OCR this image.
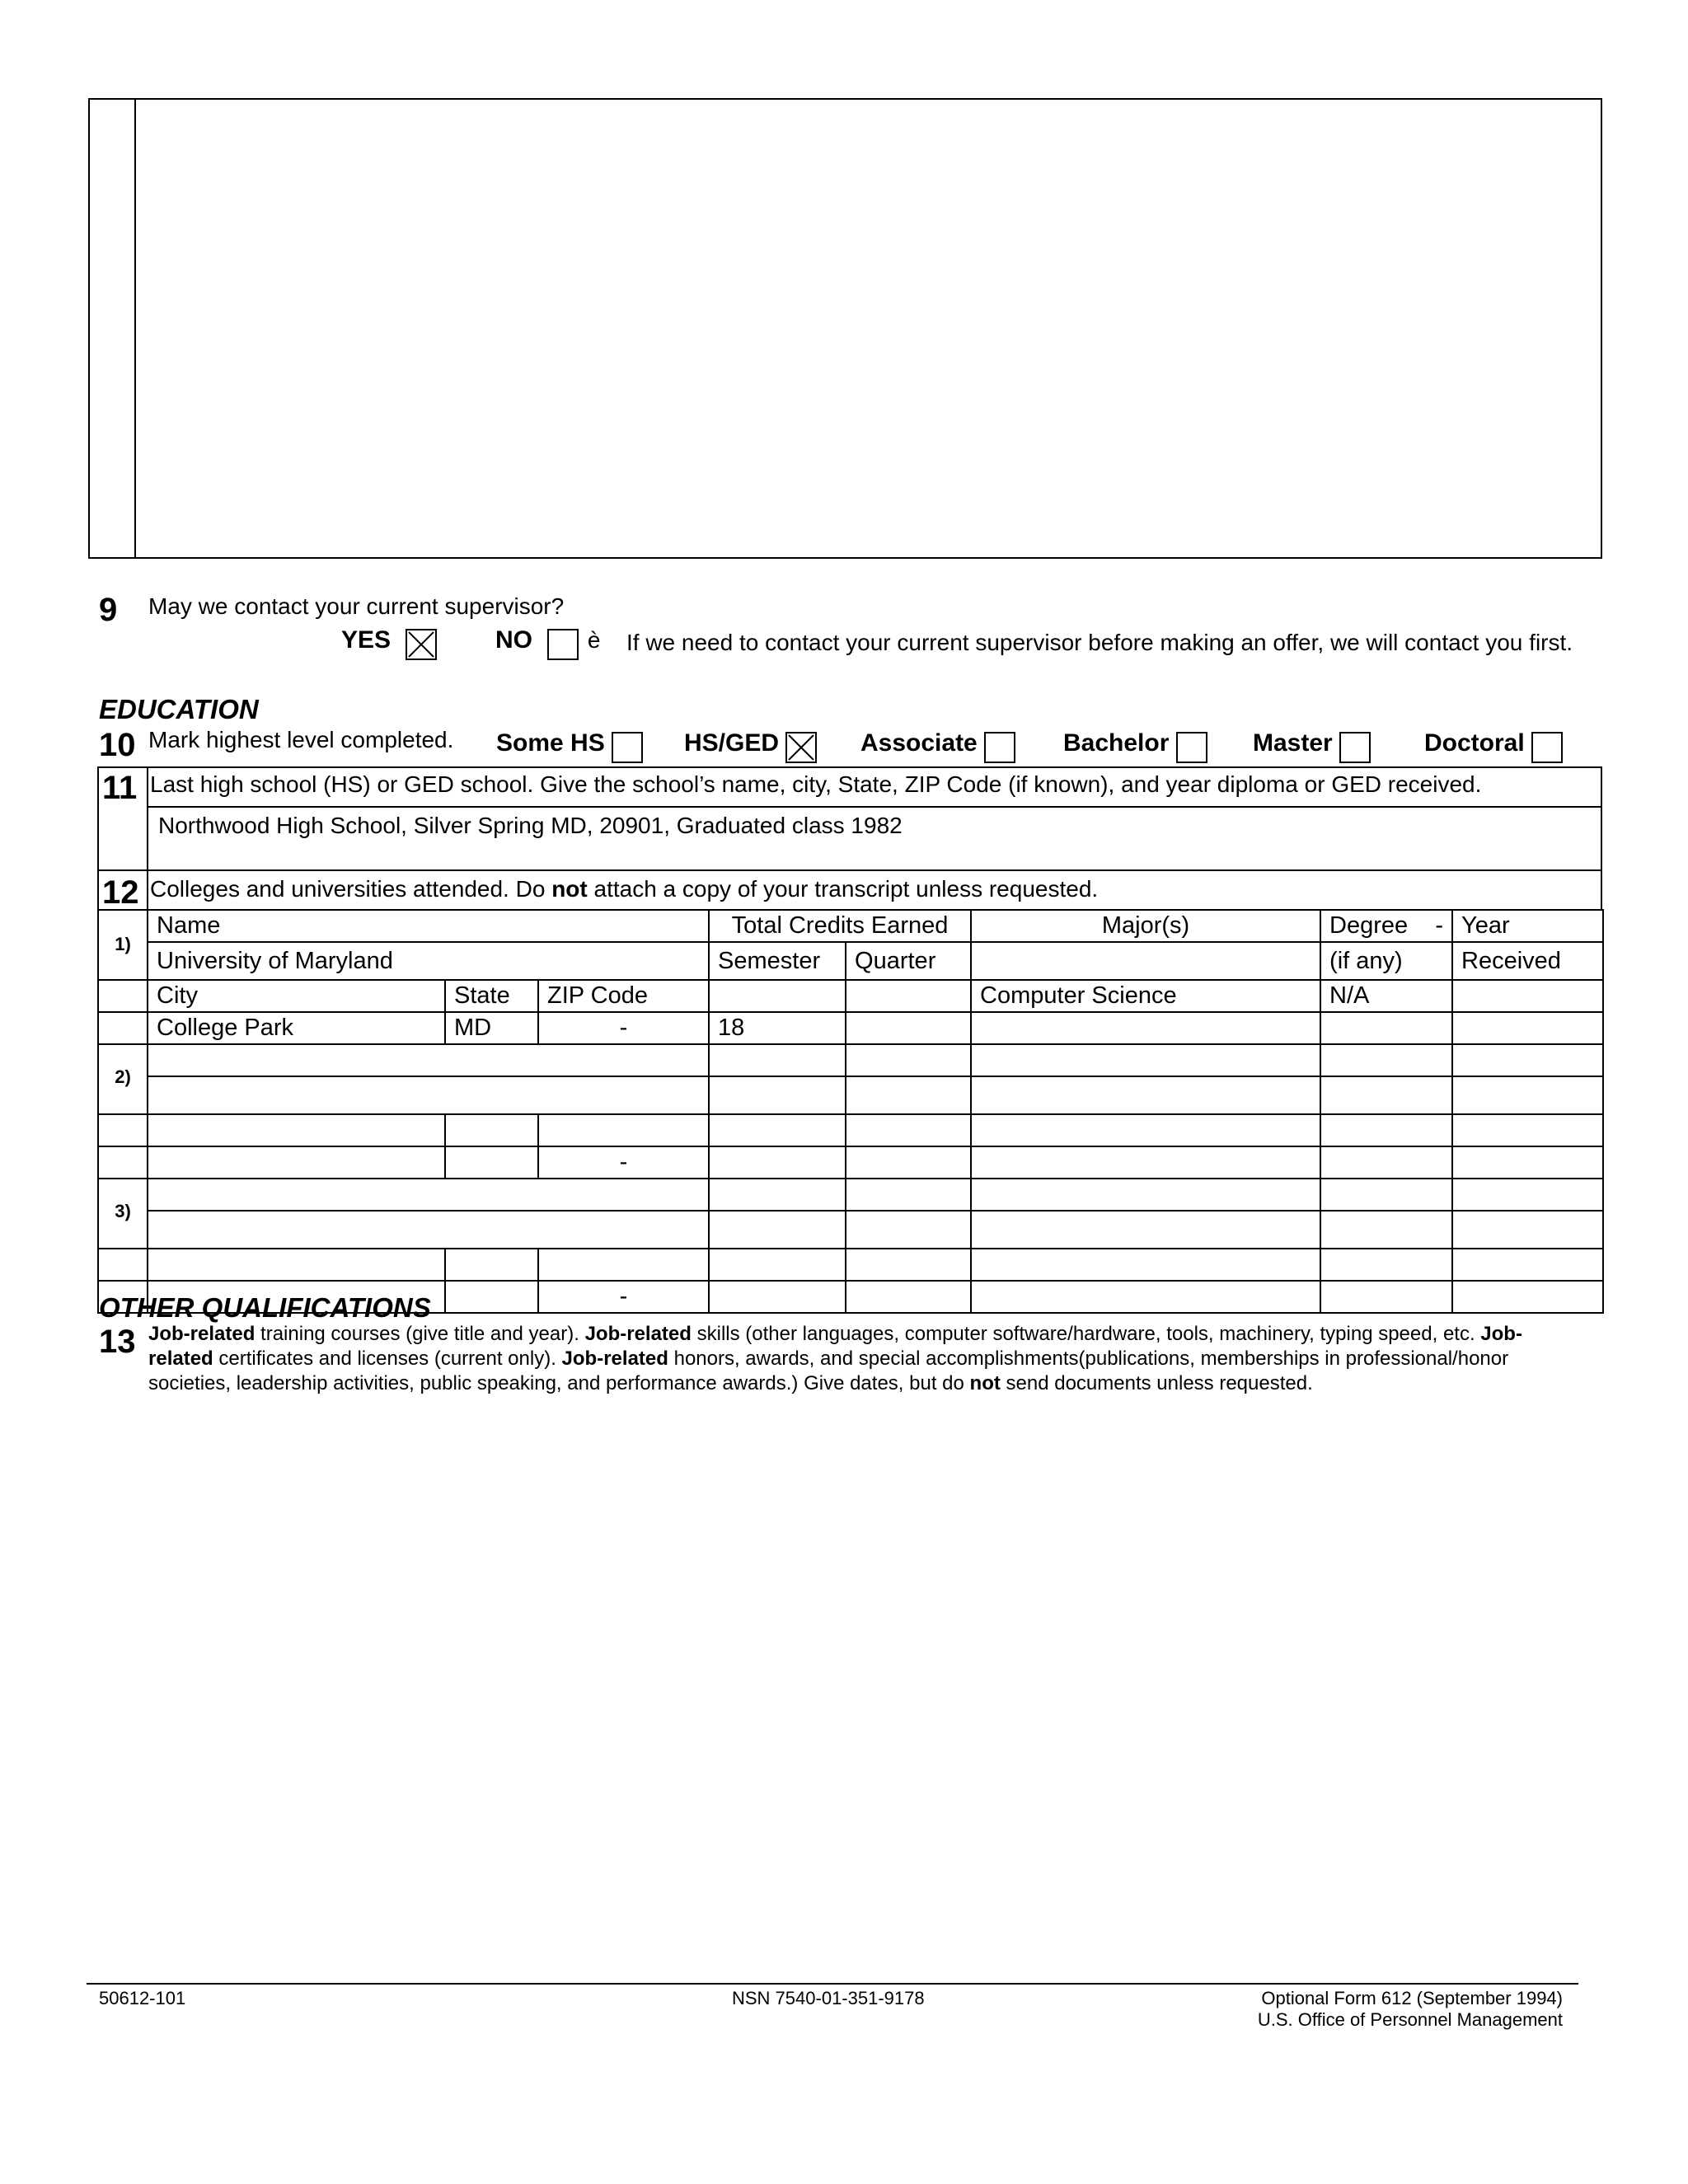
9 May we contact your current supervisor?
YES	NO è If we need to contact your current supervisor before making an offer, we will contact you first.
EDUCATION
10 Mark highest level completed. Some HS	HS/GED	Associate	Bachelor	Master	Doctoral
11 Last high school (HS) or GED school. Give the school’s name, city, State, ZIP Code (if known), and year diploma or GED received.
Northwood High School, Silver Spring MD, 20901, Graduated class 1982
12 Colleges and universities attended. Do not attach a copy of your transcript unless requested.
1)	Name			Total Credits Earned		Major(s)	Degree -	Year
	University of Maryland			Semester	Quarter		(if any)	Received
	City	State	ZIP Code			Computer Science	N/A	
	College Park	MD	-	18				
2)								

			-					
3)								

			-					
OTHER QUALIFICATIONS
13 Job-related training courses (give title and year). Job-related skills (other languages, computer software/hardware, tools, machinery, typing speed, etc. Job-related certificates and licenses (current only). Job-related honors, awards, and special accomplishments(publications, memberships in professional/honor societies, leadership activities, public speaking, and performance awards.) Give dates, but do not send documents unless requested.
50612-101	NSN 7540-01-351-9178	Optional Form 612 (September 1994)
U.S. Office of Personnel Management
